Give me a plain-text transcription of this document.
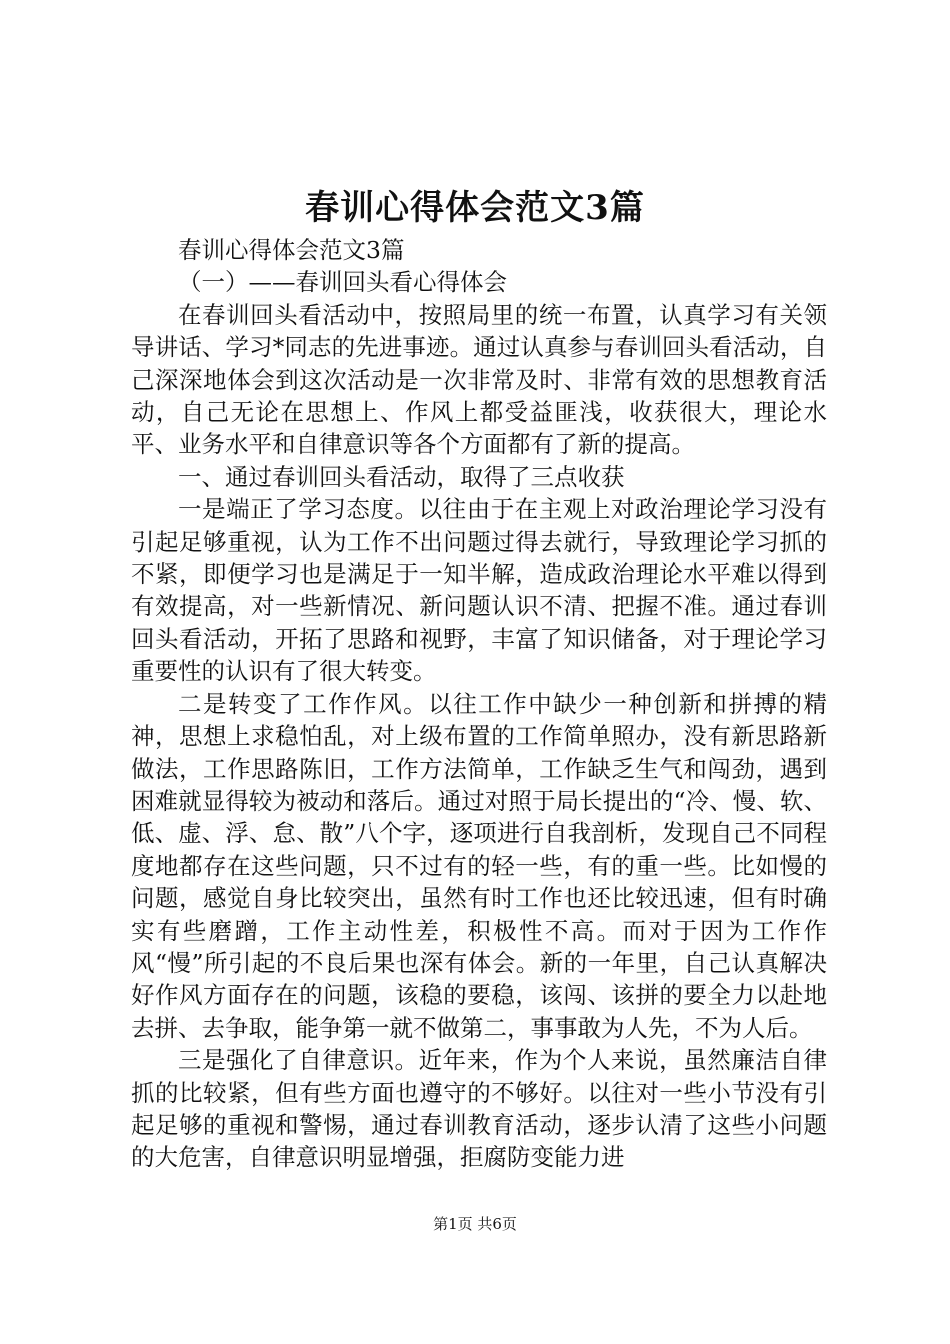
春训心得体会范文3篇

春训心得体会范文3篇

（一）——春训回头看心得体会

在春训回头看活动中，按照局里的统一布置，认真学习有关领导讲话、学习*同志的先进事迹。通过认真参与春训回头看活动，自己深深地体会到这次活动是一次非常及时、非常有效的思想教育活动，自己无论在思想上、作风上都受益匪浅，收获很大，理论水平、业务水平和自律意识等各个方面都有了新的提高。

一、通过春训回头看活动，取得了三点收获

一是端正了学习态度。以往由于在主观上对政治理论学习没有引起足够重视，认为工作不出问题过得去就行，导致理论学习抓的不紧，即便学习也是满足于一知半解，造成政治理论水平难以得到有效提高，对一些新情况、新问题认识不清、把握不准。通过春训回头看活动，开拓了思路和视野，丰富了知识储备，对于理论学习重要性的认识有了很大转变。

二是转变了工作作风。以往工作中缺少一种创新和拼搏的精神，思想上求稳怕乱，对上级布置的工作简单照办，没有新思路新做法，工作思路陈旧，工作方法简单，工作缺乏生气和闯劲，遇到困难就显得较为被动和落后。通过对照于局长提出的“冷、慢、软、低、虚、浮、怠、散”八个字，逐项进行自我剖析，发现自己不同程度地都存在这些问题，只不过有的轻一些，有的重一些。比如慢的问题，感觉自身比较突出，虽然有时工作也还比较迅速，但有时确实有些磨蹭，工作主动性差，积极性不高。而对于因为工作作风“慢”所引起的不良后果也深有体会。新的一年里，自己认真解决好作风方面存在的问题，该稳的要稳，该闯、该拼的要全力以赴地去拼、去争取，能争第一就不做第二，事事敢为人先，不为人后。

三是强化了自律意识。近年来，作为个人来说，虽然廉洁自律抓的比较紧，但有些方面也遵守的不够好。以往对一些小节没有引起足够的重视和警惕，通过春训教育活动，逐步认清了这些小问题的大危害，自律意识明显增强，拒腐防变能力进

第1页 共6页
